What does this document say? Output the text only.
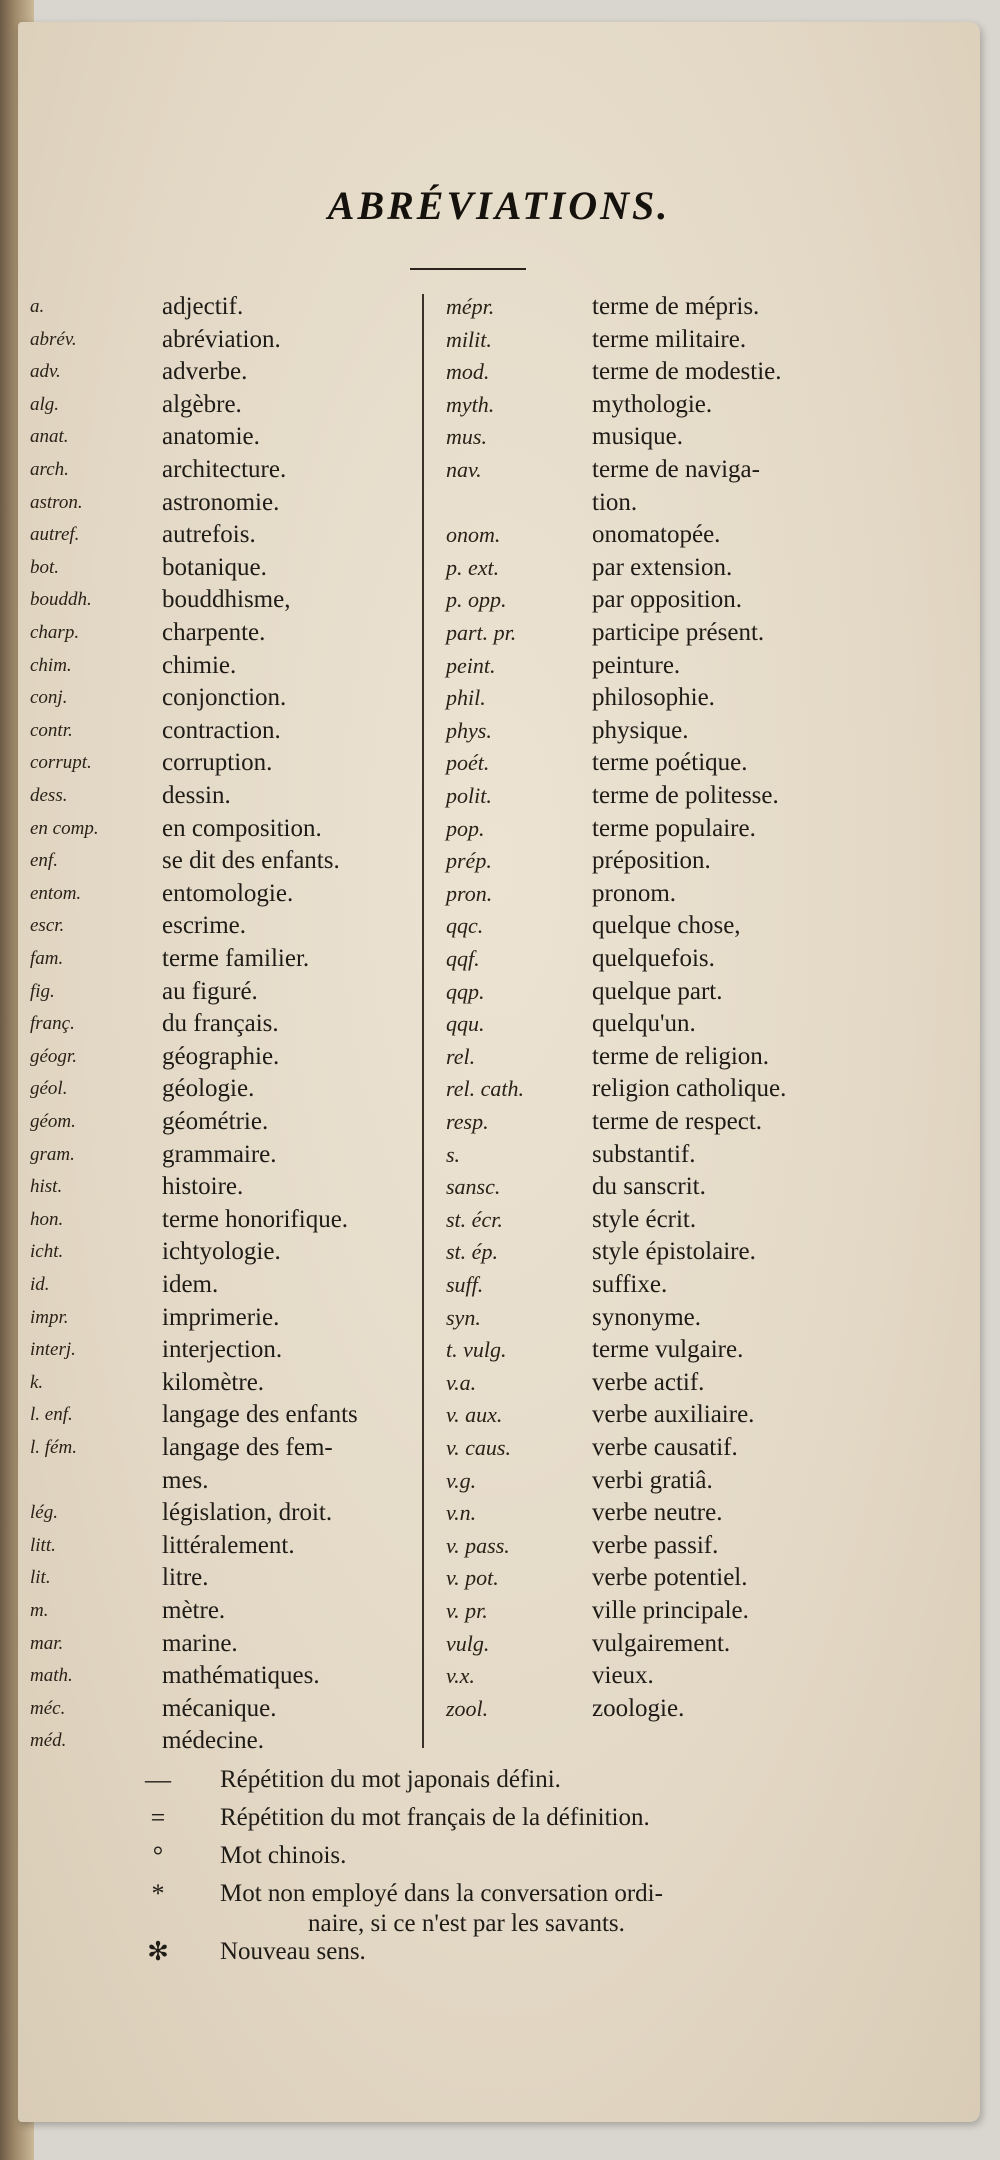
ABRÉVIATIONS.
a.	adjectif.
abrév.	abréviation.
adv.	adverbe.
alg.	algèbre.
anat.	anatomie.
arch.	architecture.
astron.	astronomie.
autref.	autrefois.
bot.	botanique.
bouddh.	bouddhisme,
charp.	charpente.
chim.	chimie.
conj.	conjonction.
contr.	contraction.
corrupt.	corruption.
dess.	dessin.
en comp.	en composition.
enf.	se dit des enfants.
entom.	entomologie.
escr.	escrime.
fam.	terme familier.
fig.	au figuré.
franç.	du français.
géogr.	géographie.
géol.	géologie.
géom.	géométrie.
gram.	grammaire.
hist.	histoire.
hon.	terme honorifique.
icht.	ichtyologie.
id.	idem.
impr.	imprimerie.
interj.	interjection.
k.	kilomètre.
l. enf.	langage des enfants
l. fém.	langage des fem-
mes.
lég.	législation, droit.
litt.	littéralement.
lit.	litre.
m.	mètre.
mar.	marine.
math.	mathématiques.
méc.	mécanique.
méd.	médecine.
mépr.	terme de mépris.
milit.	terme militaire.
mod.	terme de modestie.
myth.	mythologie.
mus.	musique.
nav.	terme de naviga-
tion.
onom.	onomatopée.
p. ext.	par extension.
p. opp.	par opposition.
part. pr.	participe présent.
peint.	peinture.
phil.	philosophie.
phys.	physique.
poét.	terme poétique.
polit.	terme de politesse.
pop.	terme populaire.
prép.	préposition.
pron.	pronom.
qqc.	quelque chose,
qqf.	quelquefois.
qqp.	quelque part.
qqu.	quelqu'un.
rel.	terme de religion.
rel. cath.	religion catholique.
resp.	terme de respect.
s.	substantif.
sansc.	du sanscrit.
st. écr.	style écrit.
st. ép.	style épistolaire.
suff.	suffixe.
syn.	synonyme.
t. vulg.	terme vulgaire.
v.a.	verbe actif.
v. aux.	verbe auxiliaire.
v. caus.	verbe causatif.
v.g.	verbi gratiâ.
v.n.	verbe neutre.
v. pass.	verbe passif.
v. pot.	verbe potentiel.
v. pr.	ville principale.
vulg.	vulgairement.
v.x.	vieux.
zool.	zoologie.
—	Répétition du mot japonais défini.
=	Répétition du mot français de la définition.
°	Mot chinois.
*	Mot non employé dans la conversation ordi-
naire, si ce n'est par les savants.
✻	Nouveau sens.
